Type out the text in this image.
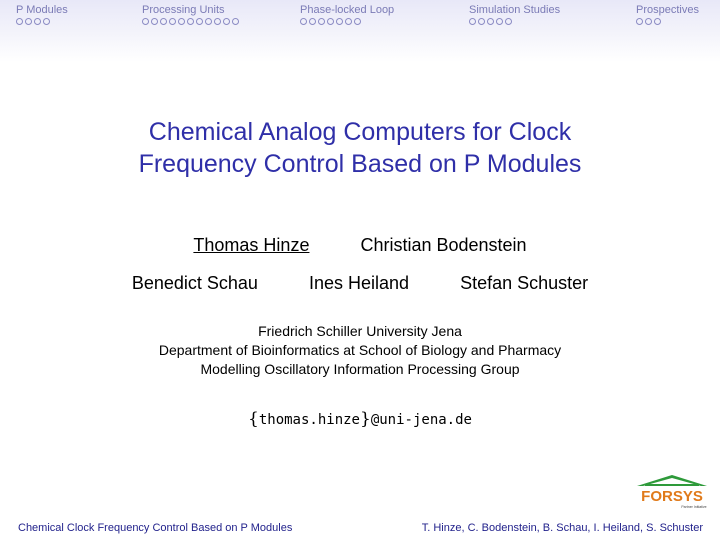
P Modules	Processing Units	Phase-locked Loop	Simulation Studies	Prospectives
Chemical Analog Computers for Clock
Frequency Control Based on P Modules
Thomas Hinze	Christian Bodenstein
Benedict Schau	Ines Heiland	Stefan Schuster
Friedrich Schiller University Jena
Department of Bioinformatics at School of Biology and Pharmacy
Modelling Oscillatory Information Processing Group
{thomas.hinze}@uni-jena.de
FORSYS
Partner Initiative
Chemical Clock Frequency Control Based on P Modules	T. Hinze, C. Bodenstein, B. Schau, I. Heiland, S. Schuster
